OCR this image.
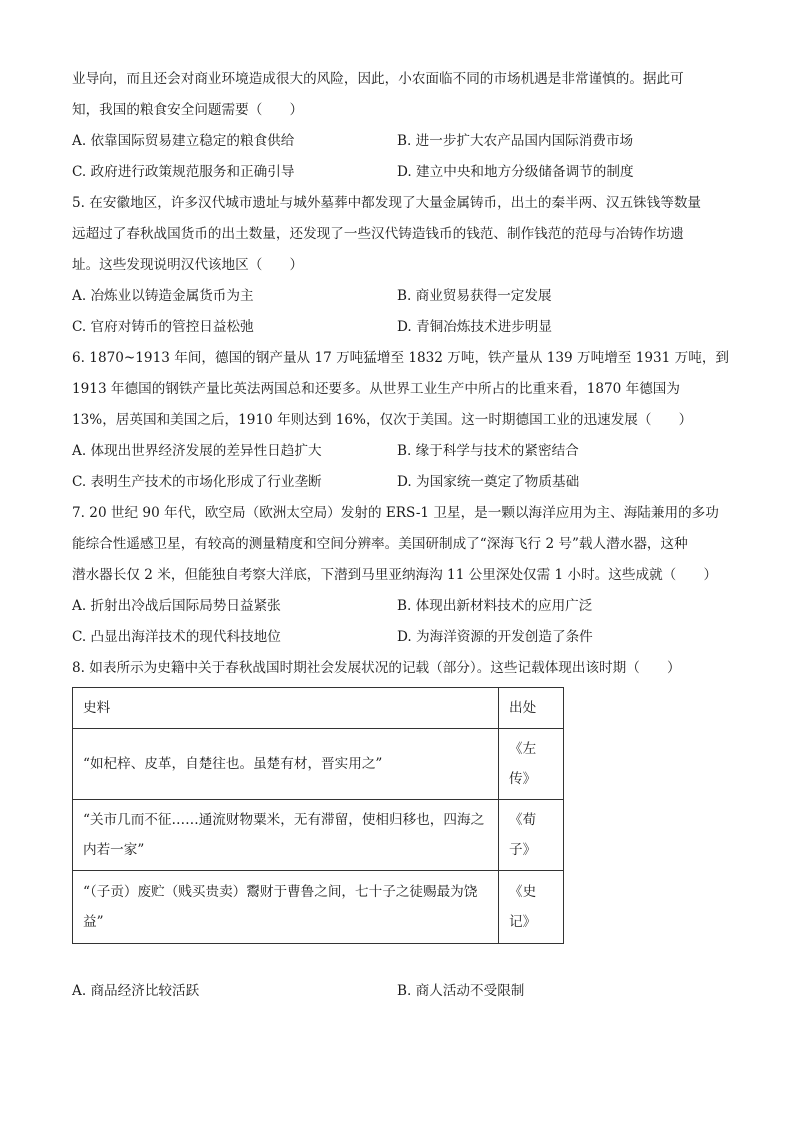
业导向，而且还会对商业环境造成很大的风险，因此，小农面临不同的市场机遇是非常谨慎的。据此可
知，我国的粮食安全问题需要（　　）
A. 依靠国际贸易建立稳定的粮食供给	B. 进一步扩大农产品国内国际消费市场
C. 政府进行政策规范服务和正确引导	D. 建立中央和地方分级储备调节的制度
5. 在安徽地区，许多汉代城市遗址与城外墓葬中都发现了大量金属铸币，出土的秦半两、汉五铢钱等数量
远超过了春秋战国货币的出土数量，还发现了一些汉代铸造钱币的钱范、制作钱范的范母与冶铸作坊遗
址。这些发现说明汉代该地区（　　）
A. 冶炼业以铸造金属货币为主	B. 商业贸易获得一定发展
C. 官府对铸币的管控日益松弛	D. 青铜冶炼技术进步明显
6. 1870~1913 年间，德国的钢产量从 17 万吨猛增至 1832 万吨，铁产量从 139 万吨增至 1931 万吨，到
1913 年德国的钢铁产量比英法两国总和还要多。从世界工业生产中所占的比重来看，1870 年德国为
13%，居英国和美国之后，1910 年则达到 16%，仅次于美国。这一时期德国工业的迅速发展（　　）
A. 体现出世界经济发展的差异性日趋扩大	B. 缘于科学与技术的紧密结合
C. 表明生产技术的市场化形成了行业垄断	D. 为国家统一奠定了物质基础
7. 20 世纪 90 年代，欧空局（欧洲太空局）发射的 ERS-1 卫星，是一颗以海洋应用为主、海陆兼用的多功
能综合性遥感卫星，有较高的测量精度和空间分辨率。美国研制成了“深海飞行 2 号”载人潜水器，这种
潜水器长仅 2 米，但能独自考察大洋底，下潜到马里亚纳海沟 11 公里深处仅需 1 小时。这些成就（　　）
A. 折射出冷战后国际局势日益紧张	B. 体现出新材料技术的应用广泛
C. 凸显出海洋技术的现代科技地位	D. 为海洋资源的开发创造了条件
8. 如表所示为史籍中关于春秋战国时期社会发展状况的记载（部分）。这些记载体现出该时期（　　）
史料	出处
“如杞梓、皮革，自楚往也。虽楚有材，晋实用之”	《左传》
“关市几而不征……通流财物粟米，无有滞留，使相归移也，四海之内若一家”	《荀子》
“（子贡）废贮（贱买贵卖）鬻财于曹鲁之间，七十子之徒赐最为饶益”	《史记》
A. 商品经济比较活跃	B. 商人活动不受限制
